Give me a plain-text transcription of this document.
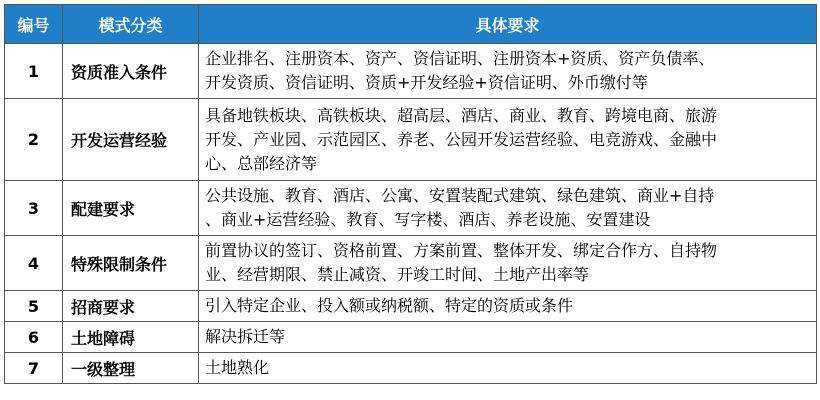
编号	模式分类	具体要求
1	资质准入条件	企业排名、注册资本、资产、资信证明、注册资本+资质、资产负债率、
开发资质、资信证明、资质+开发经验+资信证明、外币缴付等

2	开发运营经验	具备地铁板块、高铁板块、超高层、酒店、商业、教育、跨境电商、旅游
开发、产业园、示范园区、养老、公园开发运营经验、电竞游戏、金融中
心、总部经济等

3	配建要求	公共设施、教育、酒店、公寓、安置装配式建筑、绿色建筑、商业+自持
、商业+运营经验、教育、写字楼、酒店、养老设施、安置建设

4	特殊限制条件	前置协议的签订、资格前置、方案前置、整体开发、绑定合作方、自持物
业、经营期限、禁止减资、开竣工时间、土地产出率等

5	招商要求	引入特定企业、投入额或纳税额、特定的资质或条件

6	土地障碍	解决拆迁等

7	一级整理	土地熟化
